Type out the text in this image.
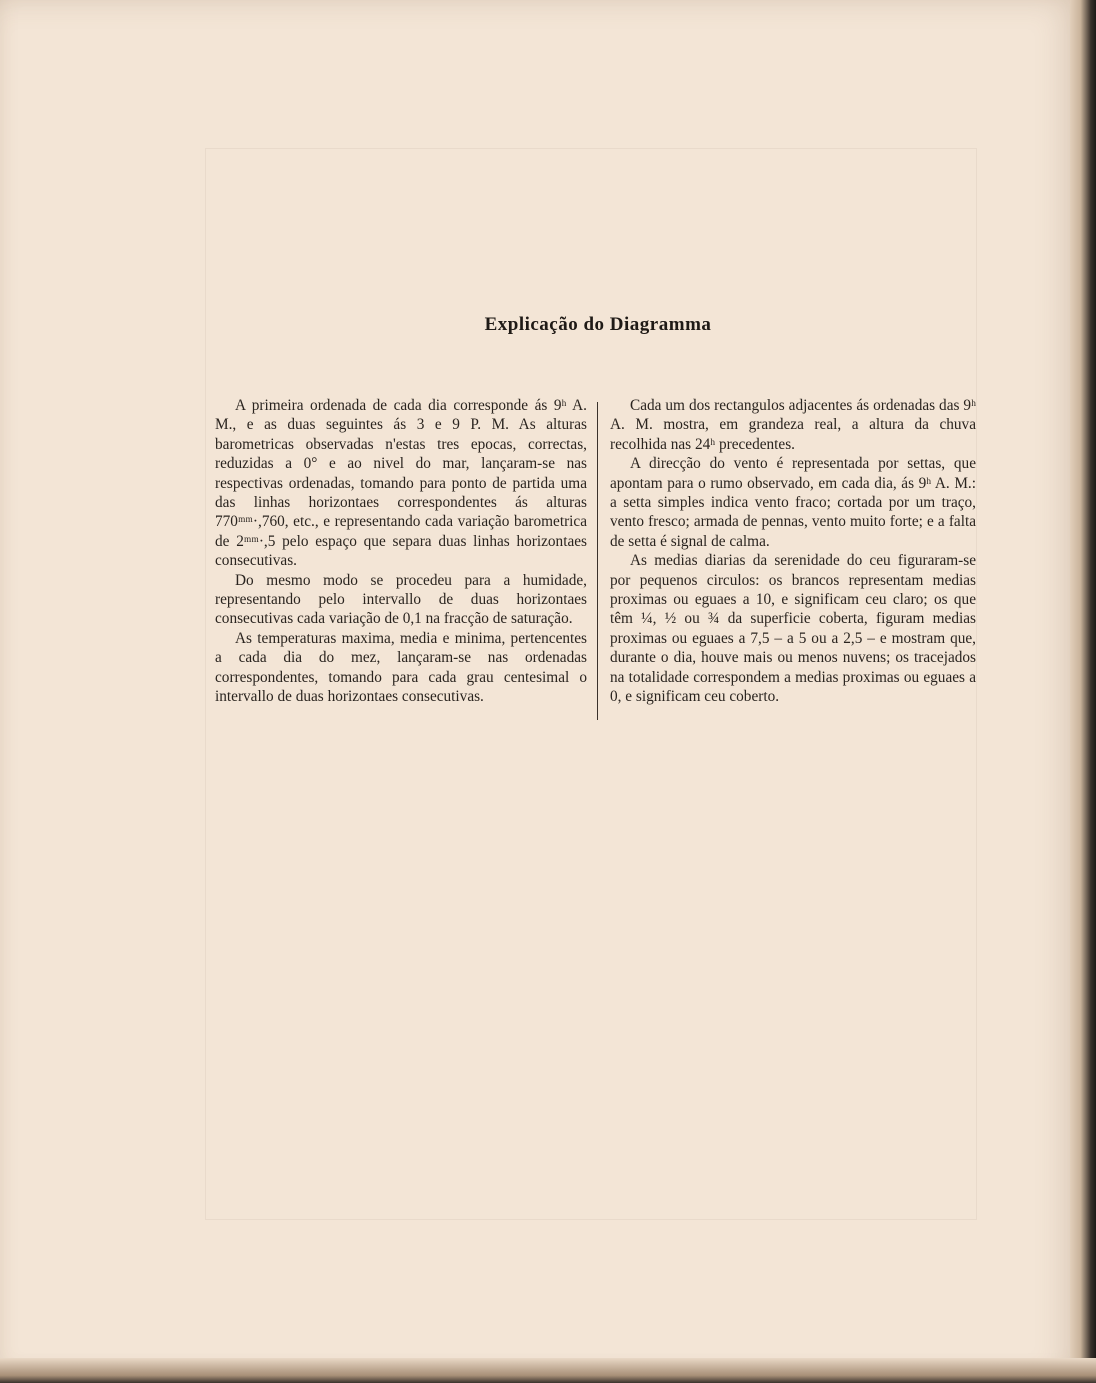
Explicação do Diagramma

A primeira ordenada de cada dia corresponde ás 9ʰ A. M., e as duas seguintes ás 3 e 9 P. M. As alturas barometricas observadas n'estas tres epocas, correctas, reduzidas a 0° e ao nivel do mar, lançaram-se nas respectivas ordenadas, tomando para ponto de partida uma das linhas horizontaes correspondentes ás alturas 770ᵐᵐ·,760, etc., e representando cada variação barometrica de 2ᵐᵐ·,5 pelo espaço que separa duas linhas horizontaes consecutivas.

Do mesmo modo se procedeu para a humidade, representando pelo intervallo de duas horizontaes consecutivas cada variação de 0,1 na fracção de saturação.

As temperaturas maxima, media e minima, pertencentes a cada dia do mez, lançaram-se nas ordenadas correspondentes, tomando para cada grau centesimal o intervallo de duas horizontaes consecutivas.

Cada um dos rectangulos adjacentes ás ordenadas das 9ʰ A. M. mostra, em grandeza real, a altura da chuva recolhida nas 24ʰ precedentes.

A direcção do vento é representada por settas, que apontam para o rumo observado, em cada dia, ás 9ʰ A. M.: a setta simples indica vento fraco; cortada por um traço, vento fresco; armada de pennas, vento muito forte; e a falta de setta é signal de calma.

As medias diarias da serenidade do ceu figuraram-se por pequenos circulos: os brancos representam medias proximas ou eguaes a 10, e significam ceu claro; os que têm ¼, ½ ou ¾ da superficie coberta, figuram medias proximas ou eguaes a 7,5 – a 5 ou a 2,5 – e mostram que, durante o dia, houve mais ou menos nuvens; os tracejados na totalidade correspondem a medias proximas ou eguaes a 0, e significam ceu coberto.
